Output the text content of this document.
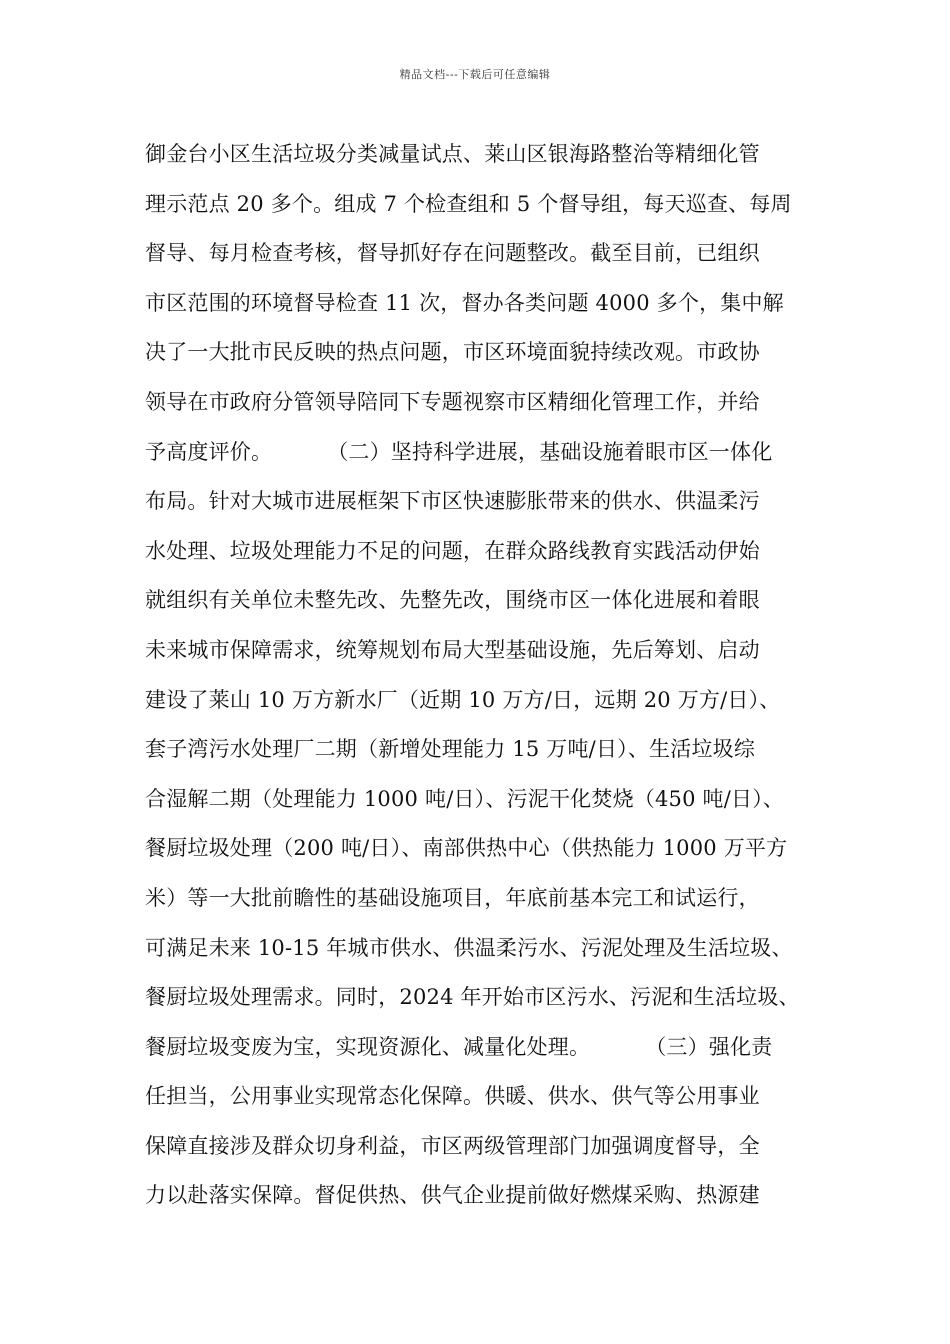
精品文档---下载后可任意编辑
御金台小区生活垃圾分类减量试点、莱山区银海路整治等精细化管
理示范点 20 多个。组成 7 个检查组和 5 个督导组，每天巡查、每周
督导、每月检查考核，督导抓好存在问题整改。截至目前，已组织
市区范围的环境督导检查 11 次，督办各类问题 4000 多个，集中解
决了一大批市民反映的热点问题，市区环境面貌持续改观。市政协
领导在市政府分管领导陪同下专题视察市区精细化管理工作，并给
予高度评价。        （二）坚持科学进展，基础设施着眼市区一体化
布局。针对大城市进展框架下市区快速膨胀带来的供水、供温柔污
水处理、垃圾处理能力不足的问题，在群众路线教育实践活动伊始
就组织有关单位未整先改、先整先改，围绕市区一体化进展和着眼
未来城市保障需求，统筹规划布局大型基础设施，先后筹划、启动
建设了莱山 10 万方新水厂（近期 10 万方/日，远期 20 万方/日）、
套子湾污水处理厂二期（新增处理能力 15 万吨/日）、生活垃圾综
合湿解二期（处理能力 1000 吨/日）、污泥干化焚烧（450 吨/日）、
餐厨垃圾处理（200 吨/日）、南部供热中心（供热能力 1000 万平方
米）等一大批前瞻性的基础设施项目，年底前基本完工和试运行，
可满足未来 10-15 年城市供水、供温柔污水、污泥处理及生活垃圾、
餐厨垃圾处理需求。同时，2024 年开始市区污水、污泥和生活垃圾、
餐厨垃圾变废为宝，实现资源化、减量化处理。        （三）强化责
任担当，公用事业实现常态化保障。供暖、供水、供气等公用事业
保障直接涉及群众切身利益，市区两级管理部门加强调度督导，全
力以赴落实保障。督促供热、供气企业提前做好燃煤采购、热源建
